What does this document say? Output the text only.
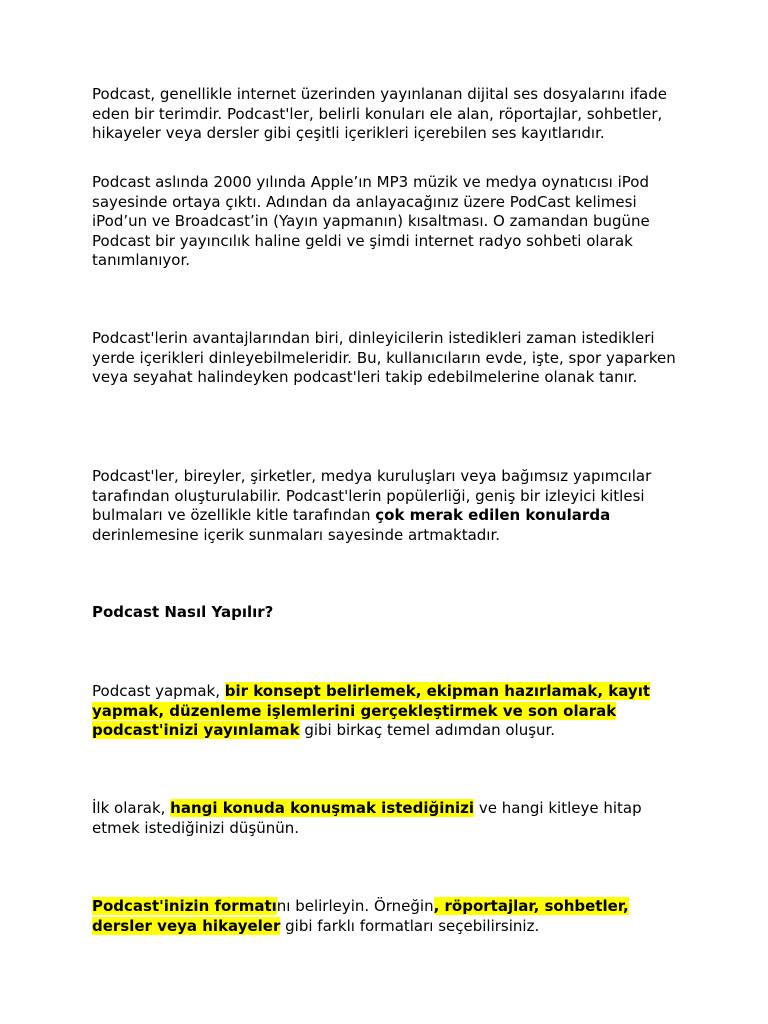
Podcast, genellikle internet üzerinden yayınlanan dijital ses dosyalarını ifade eden bir terimdir. Podcast'ler, belirli konuları ele alan, röportajlar, sohbetler, hikayeler veya dersler gibi çeşitli içerikleri içerebilen ses kayıtlarıdır.

Podcast aslında 2000 yılında Apple’ın MP3 müzik ve medya oynatıcısı iPod sayesinde ortaya çıktı. Adından da anlayacağınız üzere PodCast kelimesi iPod’un ve Broadcast’in (Yayın yapmanın) kısaltması. O zamandan bugüne Podcast bir yayıncılık haline geldi ve şimdi internet radyo sohbeti olarak tanımlanıyor.

Podcast'lerin avantajlarından biri, dinleyicilerin istedikleri zaman istedikleri yerde içerikleri dinleyebilmeleridir. Bu, kullanıcıların evde, işte, spor yaparken veya seyahat halindeyken podcast'leri takip edebilmelerine olanak tanır.

Podcast'ler, bireyler, şirketler, medya kuruluşları veya bağımsız yapımcılar tarafından oluşturulabilir. Podcast'lerin popülerliği, geniş bir izleyici kitlesi bulmaları ve özellikle kitle tarafından çok merak edilen konularda derinlemesine içerik sunmaları sayesinde artmaktadır.

Podcast Nasıl Yapılır?

Podcast yapmak, bir konsept belirlemek, ekipman hazırlamak, kayıt yapmak, düzenleme işlemlerini gerçekleştirmek ve son olarak podcast'inizi yayınlamak gibi birkaç temel adımdan oluşur.

İlk olarak, hangi konuda konuşmak istediğinizi ve hangi kitleye hitap etmek istediğinizi düşünün.

Podcast'inizin formatını belirleyin. Örneğin, röportajlar, sohbetler, dersler veya hikayeler gibi farklı formatları seçebilirsiniz.
